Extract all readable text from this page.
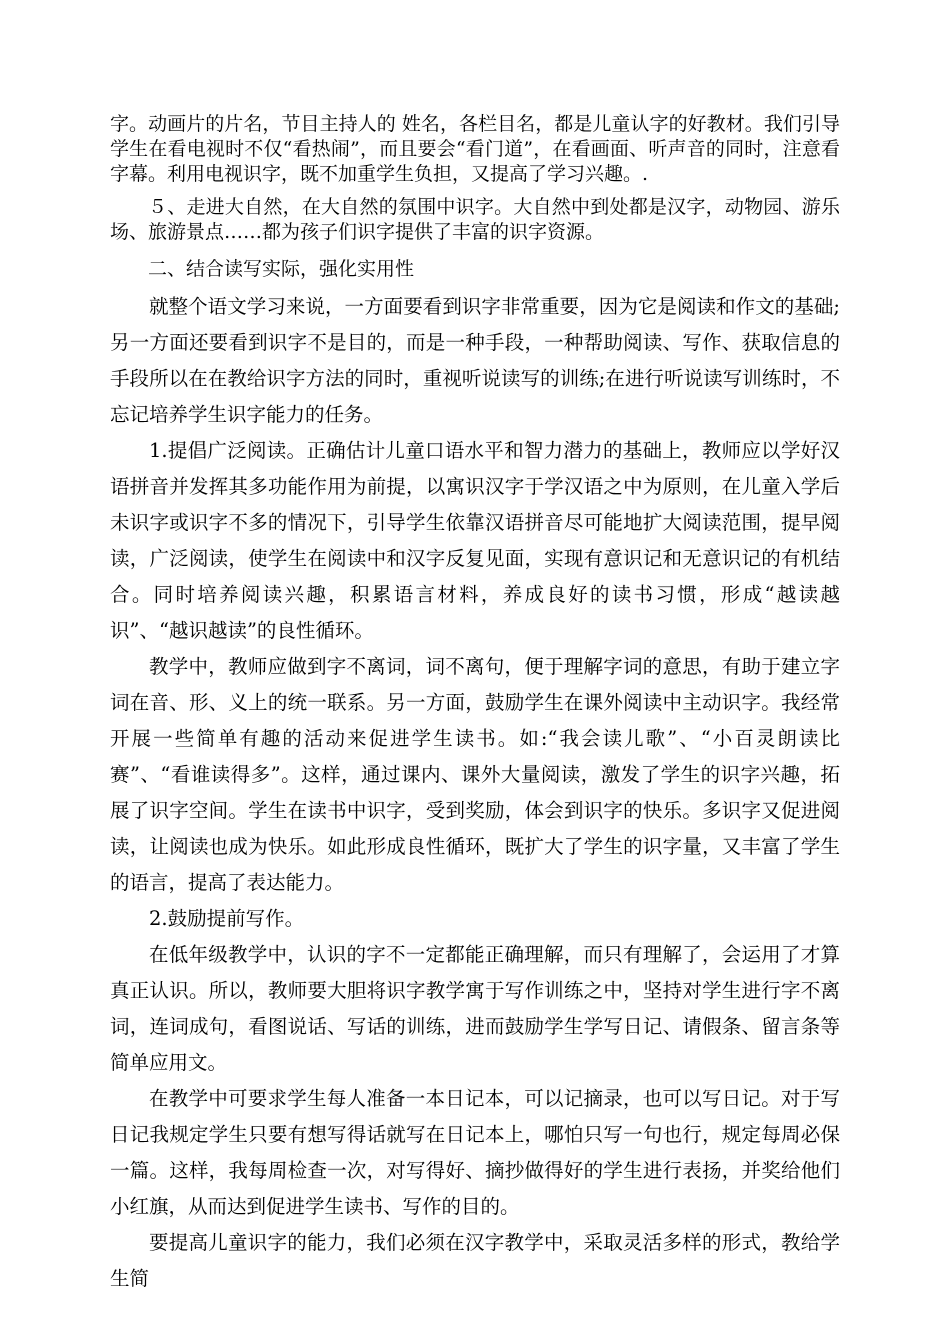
字。动画片的片名，节目主持人的 姓名，各栏目名，都是儿童认字的好教材。我们引导学生在看电视时不仅“看热闹”，而且要会“看门道”，在看画面、听声音的同时，注意看字幕。利用电视识字，既不加重学生负担，又提高了学习兴趣。.

５、走进大自然，在大自然的氛围中识字。大自然中到处都是汉字，动物园、游乐场、旅游景点……都为孩子们识字提供了丰富的识字资源。

二、结合读写实际，强化实用性

就整个语文学习来说，一方面要看到识字非常重要，因为它是阅读和作文的基础;另一方面还要看到识字不是目的，而是一种手段，一种帮助阅读、写作、获取信息的手段所以在在教给识字方法的同时，重视听说读写的训练;在进行听说读写训练时，不忘记培养学生识字能力的任务。

1.提倡广泛阅读。正确估计儿童口语水平和智力潜力的基础上，教师应以学好汉语拼音并发挥其多功能作用为前提，以寓识汉字于学汉语之中为原则，在儿童入学后未识字或识字不多的情况下，引导学生依靠汉语拼音尽可能地扩大阅读范围，提早阅读，广泛阅读，使学生在阅读中和汉字反复见面，实现有意识记和无意识记的有机结合。同时培养阅读兴趣，积累语言材料，养成良好的读书习惯，形成“越读越识”、“越识越读”的良性循环。

教学中，教师应做到字不离词，词不离句，便于理解字词的意思，有助于建立字词在音、形、义上的统一联系。另一方面，鼓励学生在课外阅读中主动识字。我经常开展一些简单有趣的活动来促进学生读书。如:“我会读儿歌”、“小百灵朗读比赛”、“看谁读得多”。这样，通过课内、课外大量阅读，激发了学生的识字兴趣，拓展了识字空间。学生在读书中识字，受到奖励，体会到识字的快乐。多识字又促进阅读，让阅读也成为快乐。如此形成良性循环，既扩大了学生的识字量，又丰富了学生的语言，提高了表达能力。

2.鼓励提前写作。

在低年级教学中，认识的字不一定都能正确理解，而只有理解了，会运用了才算真正认识。所以，教师要大胆将识字教学寓于写作训练之中，坚持对学生进行字不离词，连词成句，看图说话、写话的训练，进而鼓励学生学写日记、请假条、留言条等简单应用文。

在教学中可要求学生每人准备一本日记本，可以记摘录，也可以写日记。对于写日记我规定学生只要有想写得话就写在日记本上，哪怕只写一句也行，规定每周必保一篇。这样，我每周检查一次，对写得好、摘抄做得好的学生进行表扬，并奖给他们小红旗，从而达到促进学生读书、写作的目的。

要提高儿童识字的能力，我们必须在汉字教学中，采取灵活多样的形式，教给学生简
